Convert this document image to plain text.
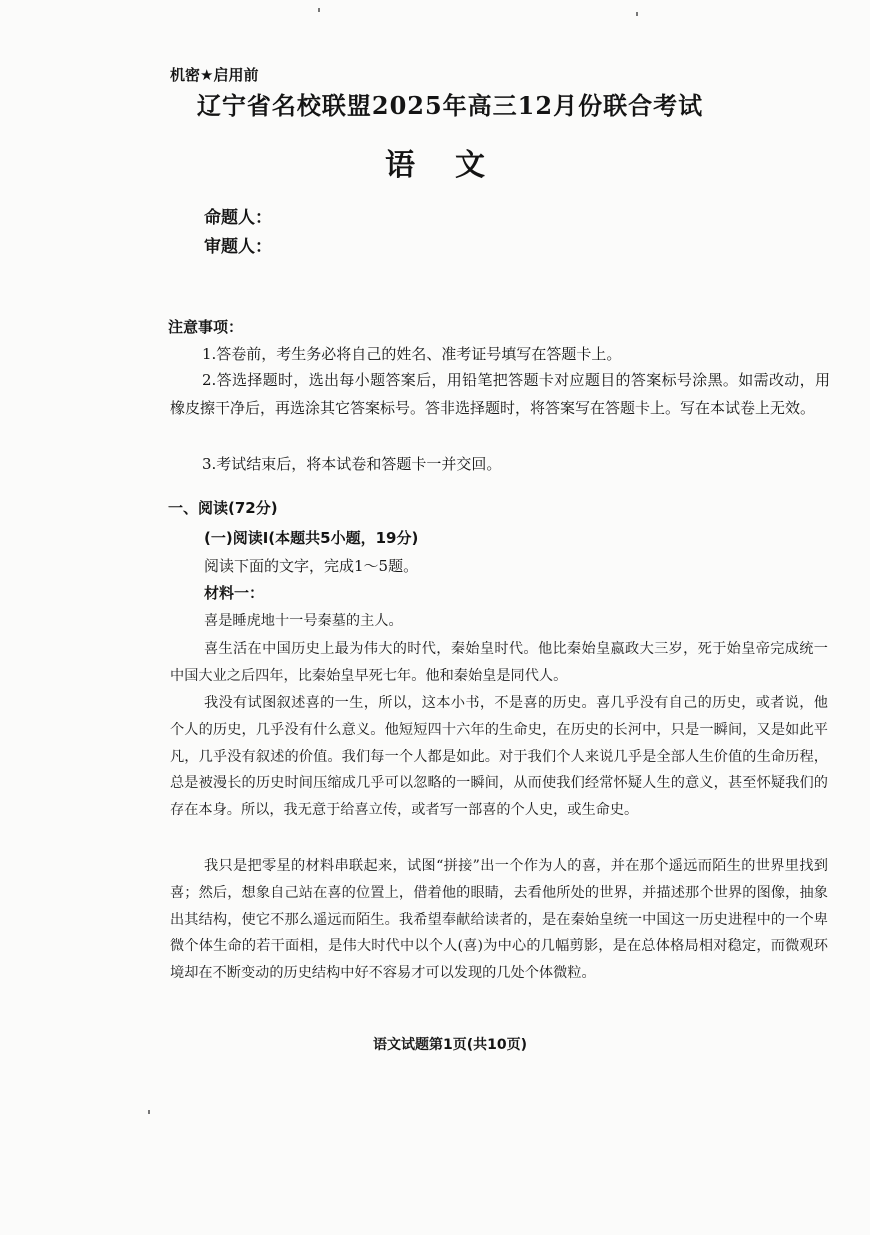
机密★启用前
辽宁省名校联盟2025年高三12月份联合考试
语文
命题人：
审题人：
注意事项：
1.答卷前，考生务必将自己的姓名、准考证号填写在答题卡上。
2.答选择题时，选出每小题答案后，用铅笔把答题卡对应题目的答案标号涂黑。如需改动，用橡皮擦干净后，再选涂其它答案标号。答非选择题时，将答案写在答题卡上。写在本试卷上无效。
3.考试结束后，将本试卷和答题卡一并交回。
一、阅读(72分)
(一)阅读Ⅰ(本题共5小题，19分)
阅读下面的文字，完成1～5题。
材料一：
喜是睡虎地十一号秦墓的主人。
喜生活在中国历史上最为伟大的时代，秦始皇时代。他比秦始皇嬴政大三岁，死于始皇帝完成统一中国大业之后四年，比秦始皇早死七年。他和秦始皇是同代人。
我没有试图叙述喜的一生，所以，这本小书，不是喜的历史。喜几乎没有自己的历史，或者说，他个人的历史，几乎没有什么意义。他短短四十六年的生命史，在历史的长河中，只是一瞬间，又是如此平凡，几乎没有叙述的价值。我们每一个人都是如此。对于我们个人来说几乎是全部人生价值的生命历程，总是被漫长的历史时间压缩成几乎可以忽略的一瞬间，从而使我们经常怀疑人生的意义，甚至怀疑我们的存在本身。所以，我无意于给喜立传，或者写一部喜的个人史，或生命史。
我只是把零星的材料串联起来，试图“拼接”出一个作为人的喜，并在那个遥远而陌生的世界里找到喜；然后，想象自己站在喜的位置上，借着他的眼睛，去看他所处的世界，并描述那个世界的图像，抽象出其结构，使它不那么遥远而陌生。我希望奉献给读者的，是在秦始皇统一中国这一历史进程中的一个卑微个体生命的若干面相，是伟大时代中以个人(喜)为中心的几幅剪影，是在总体格局相对稳定，而微观环境却在不断变动的历史结构中好不容易才可以发现的几处个体微粒。
语文试题第1页(共10页)
